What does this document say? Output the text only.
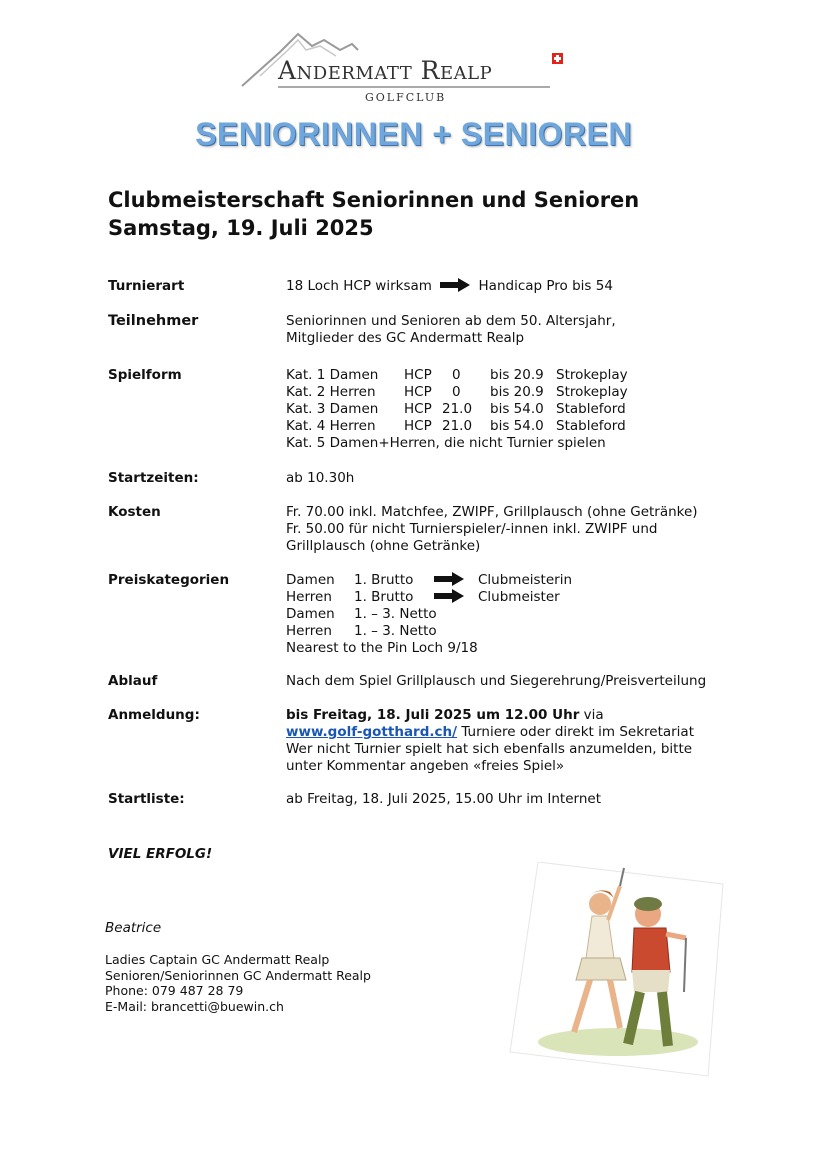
Andermatt Realp
GOLFCLUB
SENIORINNEN + SENIOREN
Clubmeisterschaft Seniorinnen und Senioren
Samstag, 19. Juli 2025
Turnierart	18 Loch HCP wirksam	Handicap Pro bis 54
Teilnehmer	Seniorinnen und Senioren ab dem 50. Altersjahr,
Mitglieder des GC Andermatt Realp
Spielform	Kat. 1 Damen HCP 0 bis 20.9 Strokeplay
Kat. 2 Herren HCP 0 bis 20.9 Strokeplay
Kat. 3 Damen HCP 21.0 bis 54.0 Stableford
Kat. 4 Herren HCP 21.0 bis 54.0 Stableford
Kat. 5 Damen+Herren, die nicht Turnier spielen
Startzeiten:	ab 10.30h
Kosten	Fr. 70.00 inkl. Matchfee, ZWIPF, Grillplausch (ohne Getränke)
Fr. 50.00 für nicht Turnierspieler/-innen inkl. ZWIPF und
Grillplausch (ohne Getränke)
Preiskategorien	Damen 1. Brutto	Clubmeisterin
Herren 1. Brutto	Clubmeister
Damen 1. – 3. Netto
Herren 1. – 3. Netto
Nearest to the Pin Loch 9/18
Ablauf	Nach dem Spiel Grillplausch und Siegerehrung/Preisverteilung
Anmeldung:	bis Freitag, 18. Juli 2025 um 12.00 Uhr via
www.golf-gotthard.ch/ Turniere oder direkt im Sekretariat
Wer nicht Turnier spielt hat sich ebenfalls anzumelden, bitte
unter Kommentar angeben «freies Spiel»
Startliste:	ab Freitag, 18. Juli 2025, 15.00 Uhr im Internet
VIEL ERFOLG!
Beatrice
Ladies Captain GC Andermatt Realp
Senioren/Seniorinnen GC Andermatt Realp
Phone: 079 487 28 79
E-Mail: brancetti@buewin.ch
